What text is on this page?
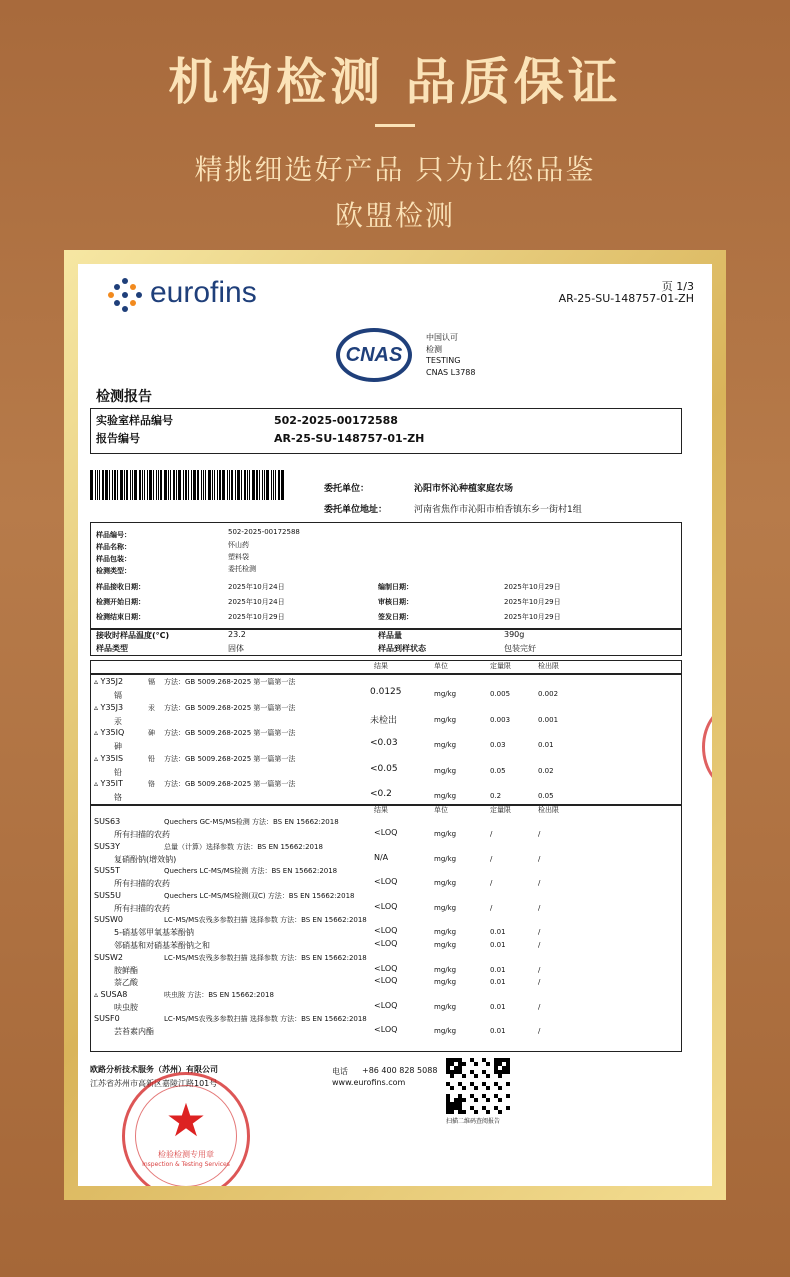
机构检测 品质保证
精挑细选好产品 只为让您品鉴
欧盟检测
eurofins	页 1/3
AR-25-SU-148757-01-ZH
CNAS
中国认可
检测
TESTING
CNAS L3788
检测报告
实验室样品编号	502-2025-00172588
报告编号	AR-25-SU-148757-01-ZH
委托单位：	沁阳市怀沁种植家庭农场
委托单位地址：	河南省焦作市沁阳市柏香镇东乡一街村1组
样品编号：	502-2025-00172588
样品名称：	怀山药
样品包装：	塑料袋
检测类型：	委托检测
样品接收日期：	2025年10月24日	编制日期：	2025年10月29日
检测开始日期：	2025年10月24日	审核日期：	2025年10月29日
检测结束日期：	2025年10月29日	签发日期：	2025年10月29日
接收时样品温度(°C)	23.2	样品量	390g
样品类型	固体	样品到样状态	包装完好
结果	单位	定量限	检出限
▵ Y35J2	镉 方法：GB 5009.268-2025 第一篇第一法
镉	0.0125	mg/kg	0.005	0.002
▵ Y35J3	汞 方法：GB 5009.268-2025 第一篇第一法
汞	未检出	mg/kg	0.003	0.001
▵ Y35IQ	砷 方法：GB 5009.268-2025 第一篇第一法
砷	<0.03	mg/kg	0.03	0.01
▵ Y35IS	铅 方法：GB 5009.268-2025 第一篇第一法
铅	<0.05	mg/kg	0.05	0.02
▵ Y35IT	铬 方法：GB 5009.268-2025 第一篇第一法
铬	<0.2	mg/kg	0.2	0.05
结果	单位	定量限	检出限
SUS63	Quechers GC-MS/MS检测 方法：BS EN 15662:2018
所有扫描的农药	<LOQ	mg/kg	/	/
SUS3Y	总量（计算）选择参数 方法：BS EN 15662:2018
复硝酚钠(增效钠)	N/A	mg/kg	/	/
SUS5T	Quechers LC-MS/MS检测 方法：BS EN 15662:2018
所有扫描的农药	<LOQ	mg/kg	/	/
SUS5U	Quechers LC-MS/MS检测(双C) 方法：BS EN 15662:2018
所有扫描的农药	<LOQ	mg/kg	/	/
SUSW0	LC-MS/MS农残多参数扫描 选择参数 方法：BS EN 15662:2018
5-硝基邻甲氧基苯酚钠	<LOQ	mg/kg	0.01	/
邻硝基和对硝基苯酚钠之和	<LOQ	mg/kg	0.01	/
SUSW2	LC-MS/MS农残多参数扫描 选择参数 方法：BS EN 15662:2018
胺鲜酯	<LOQ	mg/kg	0.01	/
萘乙酸	<LOQ	mg/kg	0.01	/
▵ SUSA8	呋虫胺 方法：BS EN 15662:2018
呋虫胺	<LOQ	mg/kg	0.01	/
SUSF0	LC-MS/MS农残多参数扫描 选择参数 方法：BS EN 15662:2018
芸苔素内酯	<LOQ	mg/kg	0.01	/
欧路分析技术服务（苏州）有限公司
江苏省苏州市高新区嘉陵江路101号
电话 +86 400 828 5088
www.eurofins.com
扫描二维码查阅报告
★
检验检测专用章
Inspection & Testing Services
